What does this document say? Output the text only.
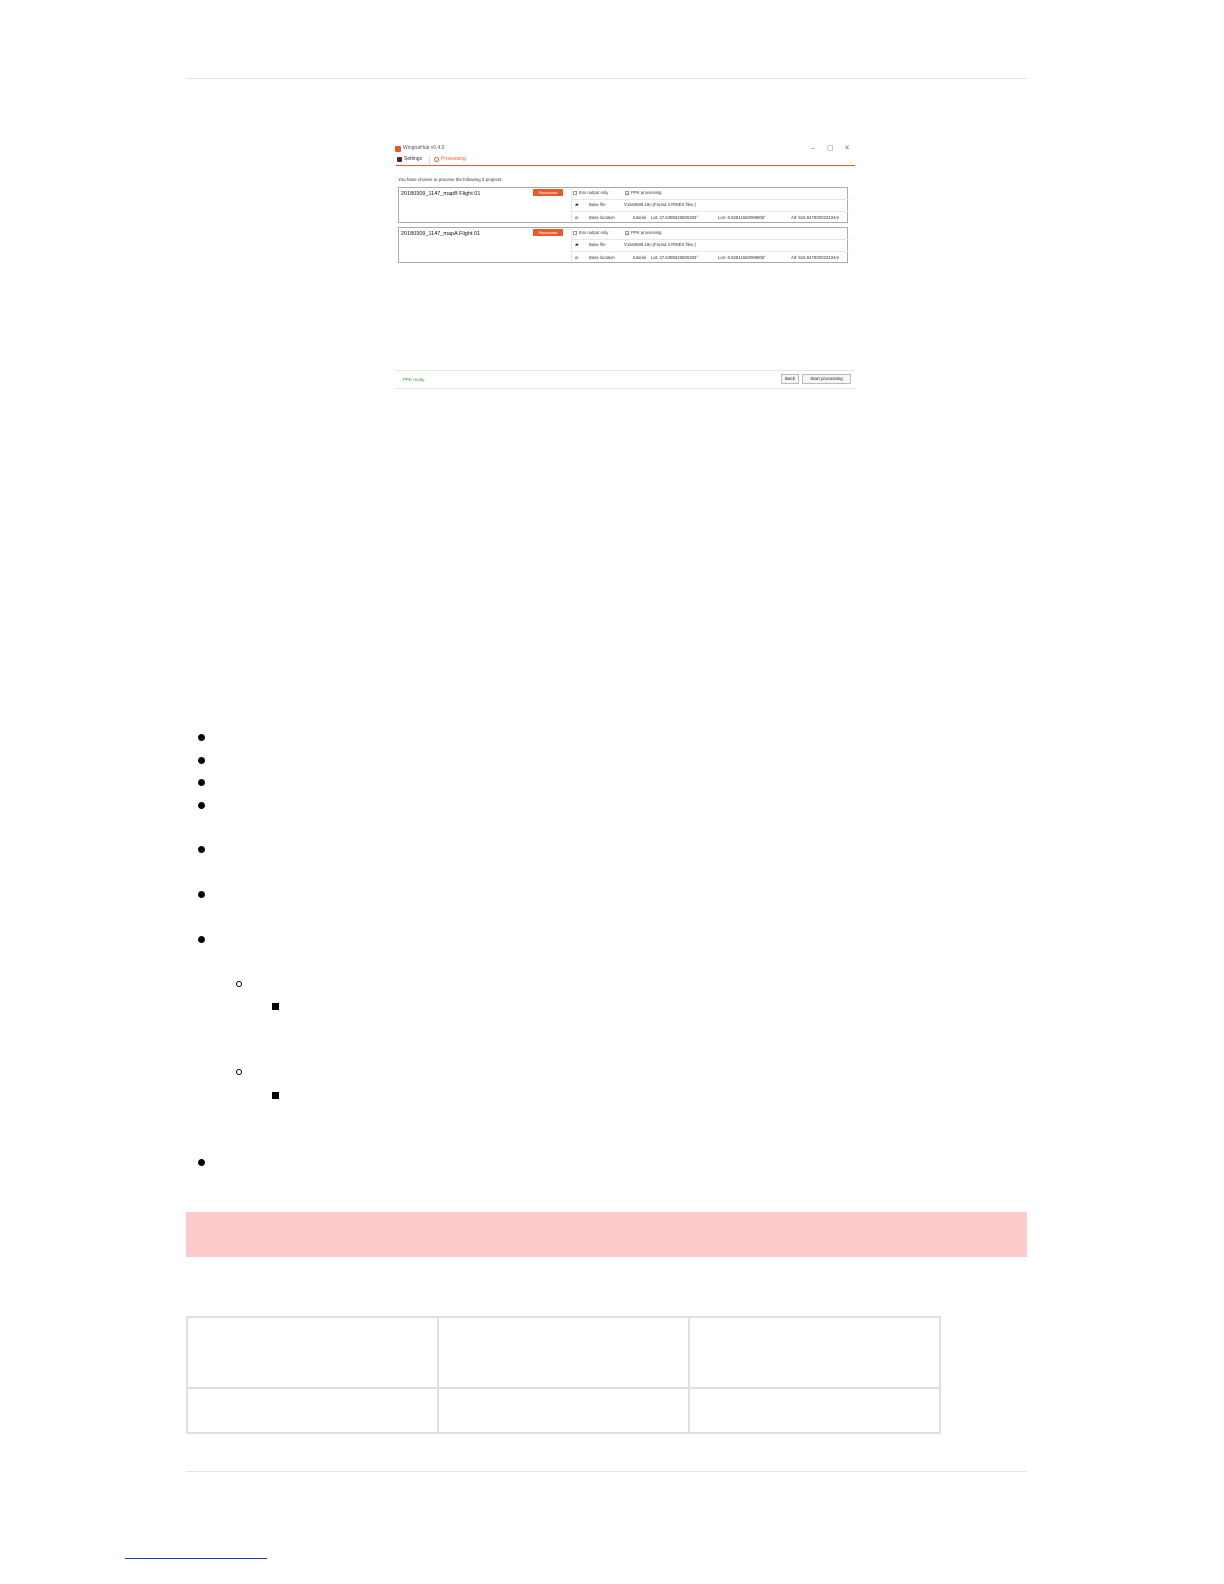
WingtraHub v0.4.0	– ▢ ✕
Settings	Processing
You have chosen to process the following 2 projects:
20180309_1147_mapB Flight 01	Reprocess	Exx output only	✓ PPK processing
▰ Base file	V1160688.18o (Found 3 RINEX files.)
⌀	Base location	tutorial Lat: 47.5498249806283°	Lon: 8.52811683069806°	Alt: 516.947800223434m
20180309_1147_mapA Flight 01	Reprocess	Exx output only	✓ PPK processing
▰ Base file	V1160688.18o (Found 3 RINEX files.)
⌀	Base location	tutorial Lat: 47.5498249806283°	Lon: 8.52811683069806°	Alt: 516.947800223434m
PPK ready	Back	Start processing
